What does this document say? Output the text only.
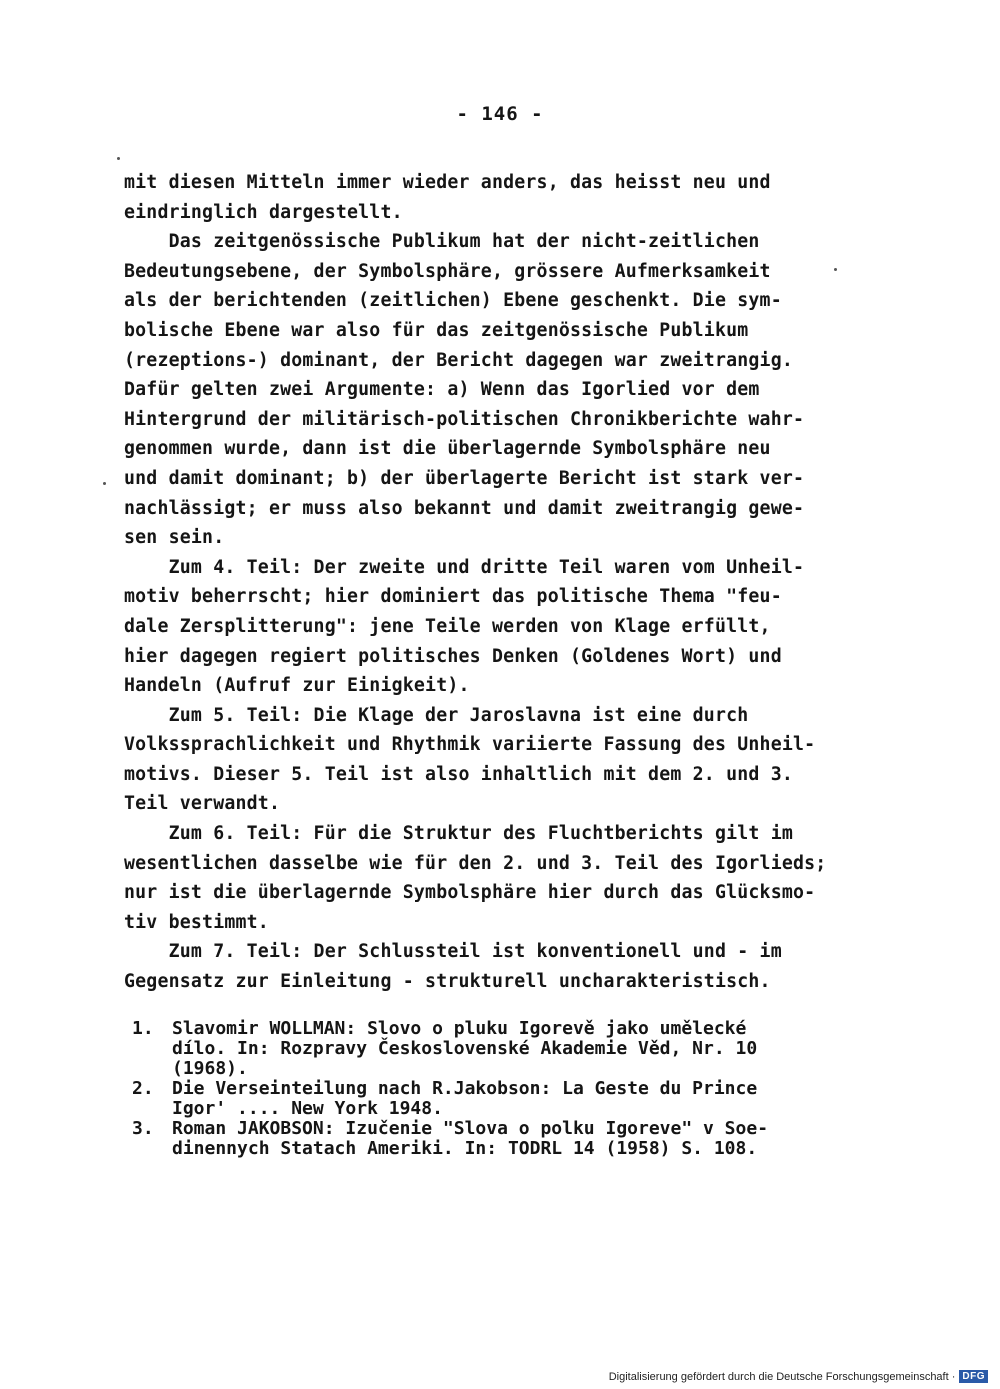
- 146 -
mit diesen Mitteln immer wieder anders, das heisst neu und
eindringlich dargestellt.
Das zeitgenössische Publikum hat der nicht-zeitlichen
Bedeutungsebene, der Symbolsphäre, grössere Aufmerksamkeit
als der berichtenden (zeitlichen) Ebene geschenkt. Die sym-
bolische Ebene war also für das zeitgenössische Publikum
(rezeptions-) dominant, der Bericht dagegen war zweitrangig.
Dafür gelten zwei Argumente: a) Wenn das Igorlied vor dem
Hintergrund der militärisch-politischen Chronikberichte wahr-
genommen wurde, dann ist die überlagernde Symbolsphäre neu
und damit dominant; b) der überlagerte Bericht ist stark ver-
nachlässigt; er muss also bekannt und damit zweitrangig gewe-
sen sein.
Zum 4. Teil: Der zweite und dritte Teil waren vom Unheil-
motiv beherrscht; hier dominiert das politische Thema "feu-
dale Zersplitterung": jene Teile werden von Klage erfüllt,
hier dagegen regiert politisches Denken (Goldenes Wort) und
Handeln (Aufruf zur Einigkeit).
Zum 5. Teil: Die Klage der Jaroslavna ist eine durch
Volkssprachlichkeit und Rhythmik variierte Fassung des Unheil-
motivs. Dieser 5. Teil ist also inhaltlich mit dem 2. und 3.
Teil verwandt.
Zum 6. Teil: Für die Struktur des Fluchtberichts gilt im
wesentlichen dasselbe wie für den 2. und 3. Teil des Igorlieds;
nur ist die überlagernde Symbolsphäre hier durch das Glücksmo-
tiv bestimmt.
Zum 7. Teil: Der Schlussteil ist konventionell und - im
Gegensatz zur Einleitung - strukturell uncharakteristisch.
1. Slavomir WOLLMAN: Slovo o pluku Igorevě jako umělecké
dílo. In: Rozpravy Československé Akademie Věd, Nr. 10
(1968).
2. Die Verseinteilung nach R.Jakobson: La Geste du Prince
Igor' .... New York 1948.
3. Roman JAKOBSON: Izučenie "Slova o polku Igoreve" v Soe-
dinennych Statach Ameriki. In: TODRL 14 (1958) S. 108.
Digitalisierung gefördert durch die Deutsche Forschungsgemeinschaft · DFG
